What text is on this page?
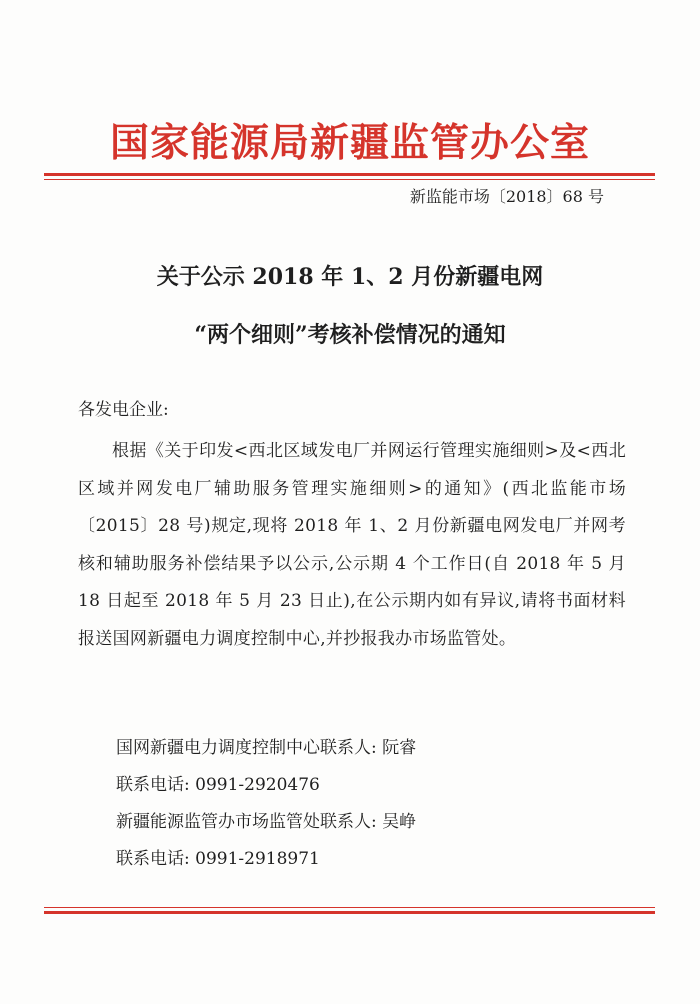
国家能源局新疆监管办公室
新监能市场〔2018〕68 号
关于公示 2018 年 1、2 月份新疆电网
“两个细则”考核补偿情况的通知
各发电企业:
根据《关于印发<西北区域发电厂并网运行管理实施细则>及<西北区域并网发电厂辅助服务管理实施细则>的通知》(西北监能市场〔2015〕28 号)规定,现将 2018 年 1、2 月份新疆电网发电厂并网考核和辅助服务补偿结果予以公示,公示期 4 个工作日(自 2018 年 5 月 18 日起至 2018 年 5 月 23 日止),在公示期内如有异议,请将书面材料报送国网新疆电力调度控制中心,并抄报我办市场监管处。
国网新疆电力调度控制中心联系人: 阮睿
联系电话: 0991-2920476
新疆能源监管办市场监管处联系人: 吴峥
联系电话: 0991-2918971
